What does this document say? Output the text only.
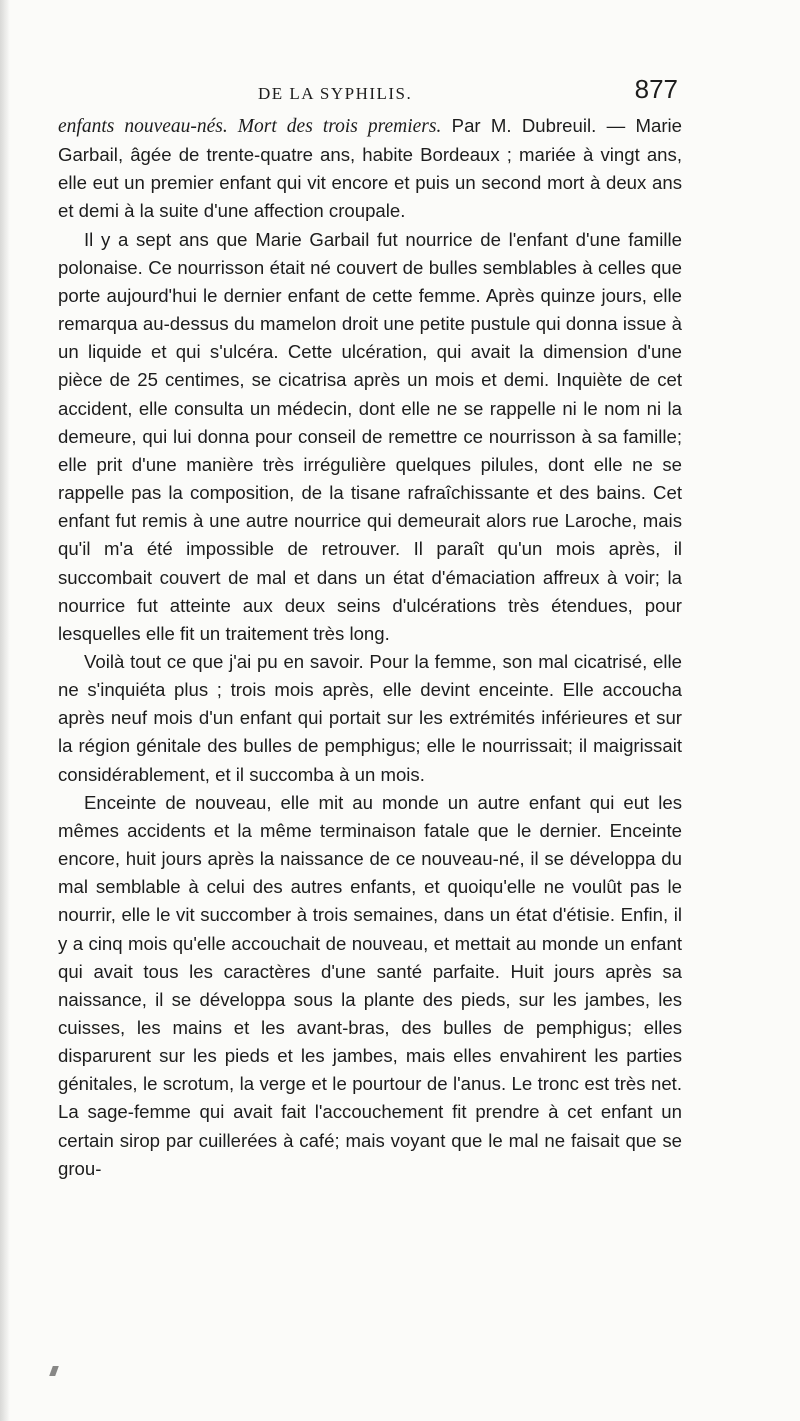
DE LA SYPHILIS.	877

enfants nouveau-nés. Mort des trois premiers. Par M. Dubreuil. — Marie Garbail, âgée de trente-quatre ans, habite Bordeaux ; mariée à vingt ans, elle eut un premier enfant qui vit encore et puis un second mort à deux ans et demi à la suite d'une affection croupale.

Il y a sept ans que Marie Garbail fut nourrice de l'enfant d'une famille polonaise. Ce nourrisson était né couvert de bulles semblables à celles que porte aujourd'hui le dernier enfant de cette femme. Après quinze jours, elle remarqua au-dessus du mamelon droit une petite pustule qui donna issue à un liquide et qui s'ulcéra. Cette ulcération, qui avait la dimension d'une pièce de 25 centimes, se cicatrisa après un mois et demi. Inquiète de cet accident, elle consulta un médecin, dont elle ne se rappelle ni le nom ni la demeure, qui lui donna pour conseil de remettre ce nourrisson à sa famille; elle prit d'une manière très irrégulière quelques pilules, dont elle ne se rappelle pas la composition, de la tisane rafraîchissante et des bains. Cet enfant fut remis à une autre nourrice qui demeurait alors rue Laroche, mais qu'il m'a été impossible de retrouver. Il paraît qu'un mois après, il succombait couvert de mal et dans un état d'émaciation affreux à voir; la nourrice fut atteinte aux deux seins d'ulcérations très étendues, pour lesquelles elle fit un traitement très long.

Voilà tout ce que j'ai pu en savoir. Pour la femme, son mal cicatrisé, elle ne s'inquiéta plus ; trois mois après, elle devint enceinte. Elle accoucha après neuf mois d'un enfant qui portait sur les extrémités inférieures et sur la région génitale des bulles de pemphigus; elle le nourrissait; il maigrissait considérablement, et il succomba à un mois.

Enceinte de nouveau, elle mit au monde un autre enfant qui eut les mêmes accidents et la même terminaison fatale que le dernier. Enceinte encore, huit jours après la naissance de ce nouveau-né, il se développa du mal semblable à celui des autres enfants, et quoiqu'elle ne voulût pas le nourrir, elle le vit succomber à trois semaines, dans un état d'étisie. Enfin, il y a cinq mois qu'elle accouchait de nouveau, et mettait au monde un enfant qui avait tous les caractères d'une santé parfaite. Huit jours après sa naissance, il se développa sous la plante des pieds, sur les jambes, les cuisses, les mains et les avant-bras, des bulles de pemphigus; elles disparurent sur les pieds et les jambes, mais elles envahirent les parties génitales, le scrotum, la verge et le pourtour de l'anus. Le tronc est très net. La sage-femme qui avait fait l'accouchement fit prendre à cet enfant un certain sirop par cuillerées à café; mais voyant que le mal ne faisait que se grou-
